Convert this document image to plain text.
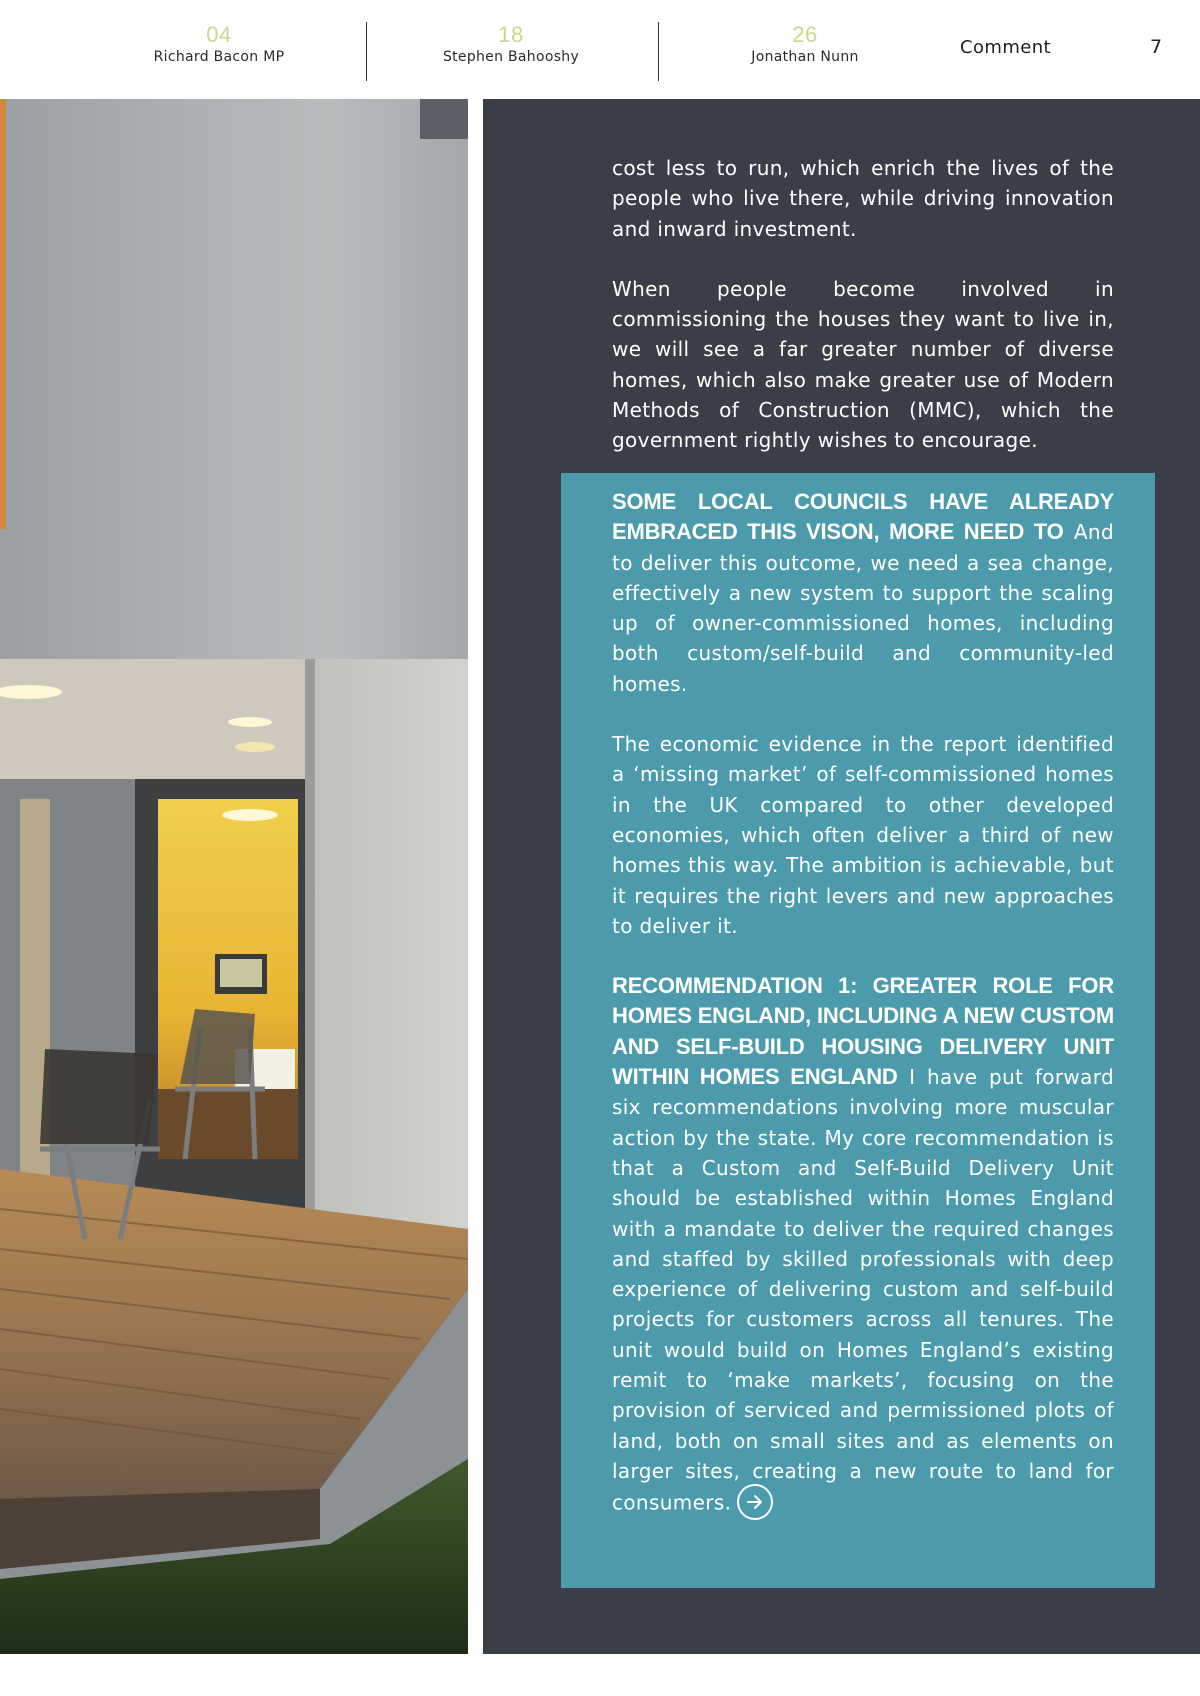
04
Richard Bacon MP
18
Stephen Bahooshy
26
Jonathan Nunn	Comment	7

cost less to run, which enrich the lives of the people who live there, while driving innovation and inward investment.

When people become involved in commissioning the houses they want to live in, we will see a far greater number of diverse homes, which also make greater use of Modern Methods of Construction (MMC), which the government rightly wishes to encourage.

SOME LOCAL COUNCILS HAVE ALREADY EMBRACED THIS VISON, MORE NEED TO And to deliver this outcome, we need a sea change, effectively a new system to support the scaling up of owner-commissioned homes, including both custom/self-build and community-led homes.

The economic evidence in the report identified a ‘missing market’ of self-commissioned homes in the UK compared to other developed economies, which often deliver a third of new homes this way. The ambition is achievable, but it requires the right levers and new approaches to deliver it.

RECOMMENDATION 1: GREATER ROLE FOR HOMES ENGLAND, INCLUDING A NEW CUSTOM AND SELF-BUILD HOUSING DELIVERY UNIT WITHIN HOMES ENGLAND I have put forward six recommendations involving more muscular action by the state. My core recommendation is that a Custom and Self-Build Delivery Unit should be established within Homes England with a mandate to deliver the required changes and staffed by skilled professionals with deep experience of delivering custom and self-build projects for customers across all tenures. The unit would build on Homes England’s existing remit to ‘make markets’, focusing on the provision of serviced and permissioned plots of land, both on small sites and as elements on larger sites, creating a new route to land for consumers.
